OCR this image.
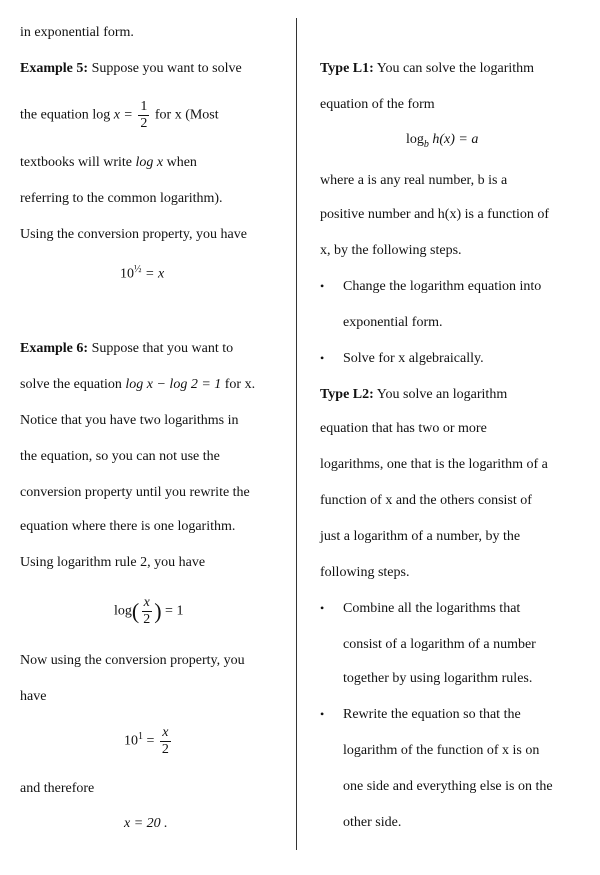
in exponential form.
Example 5: Suppose you want to solve
the equation $\log x = \frac{1}{2}$ for x (Most
textbooks will write log x when
referring to the common logarithm).
Using the conversion property, you have
$10^{\frac{1}{2}} = x$
Example 6: Suppose that you want to
solve the equation log x − log 2 = 1 for x.
Notice that you have two logarithms in
the equation, so you can not use the
conversion property until you rewrite the
equation where there is one logarithm.
Using logarithm rule 2, you have
$\log( \frac{x}{2}$ ) = 1
Now using the conversion property, you
have
$10^1 = \frac{x}{2}$
and therefore
x = 20 .
Type L1: You can solve the logarithm
equation of the form
$\log_b h(x) = a$
where a is any real number, b is a
positive number and h(x) is a function of
x, by the following steps.
• Change the logarithm equation into
exponential form.
• Solve for x algebraically.
Type L2: You solve an logarithm
equation that has two or more
logarithms, one that is the logarithm of a
function of x and the others consist of
just a logarithm of a number, by the
following steps.
• Combine all the logarithms that
consist of a logarithm of a number
together by using logarithm rules.
• Rewrite the equation so that the
logarithm of the function of x is on
one side and everything else is on the
other side.
